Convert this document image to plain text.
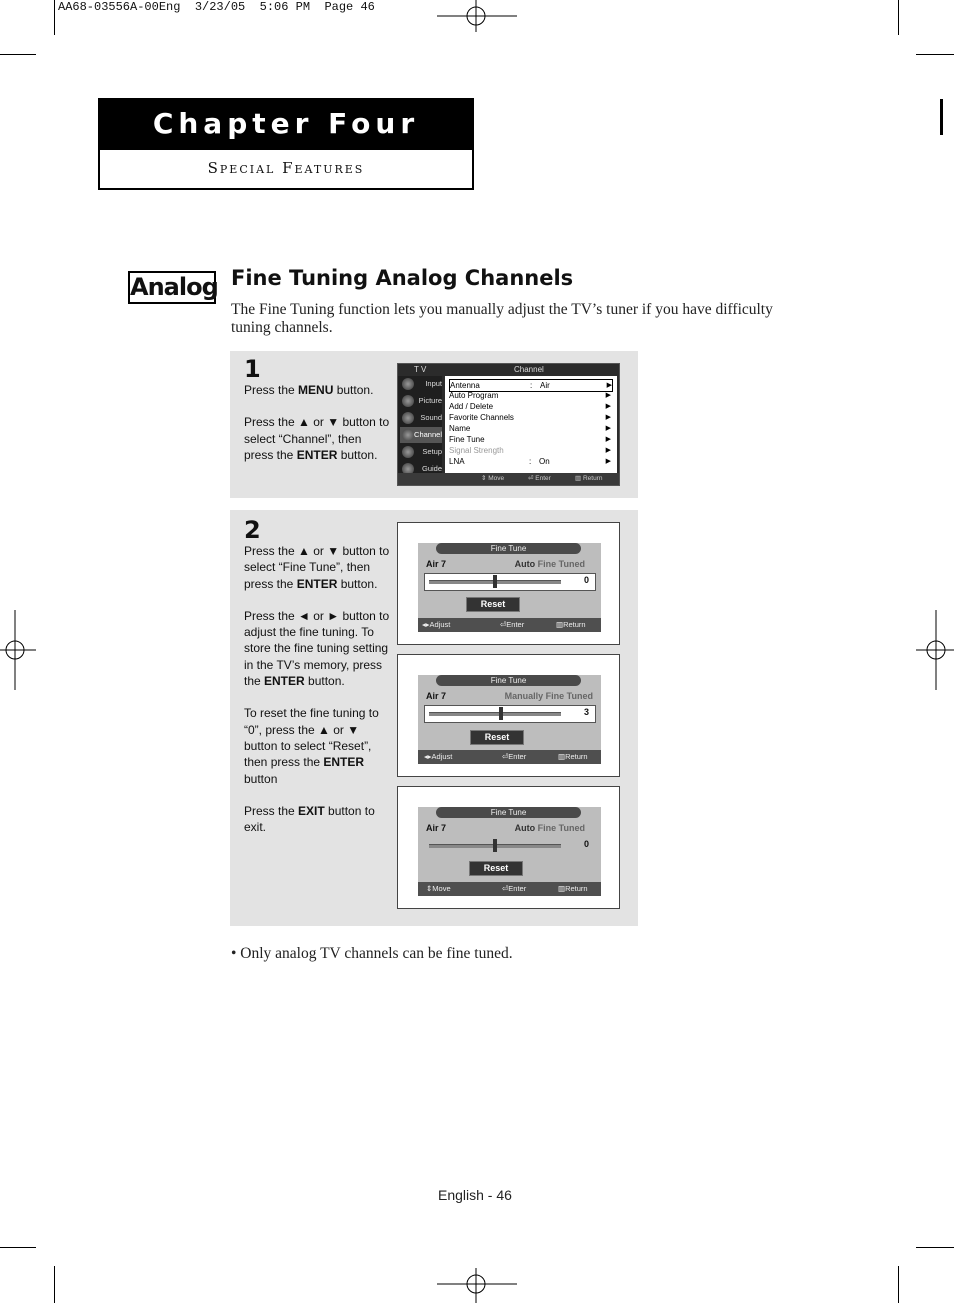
AA68-03556A-00Eng  3/23/05  5:06 PM  Page 46
Chapter Four
Special Features
Analog Fine Tuning Analog Channels
The Fine Tuning function lets you manually adjust the TV’s tuner if you have difficulty tuning channels.
1

Press the MENU button.

Press the ▲ or ▼ button to select “Channel”, then press the ENTER button.

T V	Channel
Input
Picture
Sound
Channel
Setup
Guide
Antenna	: Air	▶
Auto Program	▶
Add / Delete	▶
Favorite Channels	▶
Name	▶
Fine Tune	▶
Signal Strength	▶
LNA	: On	▶
⇕ Move	⏎ Enter	▥ Return
2

Press the ▲ or ▼ button to select “Fine Tune”, then press the ENTER button.

Press the ◄ or ► button to adjust the fine tuning. To store the fine tuning setting in the TV’s memory, press the ENTER button.

To reset the fine tuning to “0”, press the ▲ or ▼ button to select “Reset”, then press the ENTER button

Press the EXIT button to exit.

Fine Tune
Air 7	Auto Fine Tuned
0
Reset
◂▸ Adjust	⏎ Enter	▥ Return
Fine Tune
Air 7	Manually Fine Tuned
3
Reset
◂▸ Adjust	⏎ Enter	▥ Return
Fine Tune
Air 7	Auto Fine Tuned
0
Reset
⇕ Move	⏎ Enter	▥ Return
• Only analog TV channels can be fine tuned.
English - 46
